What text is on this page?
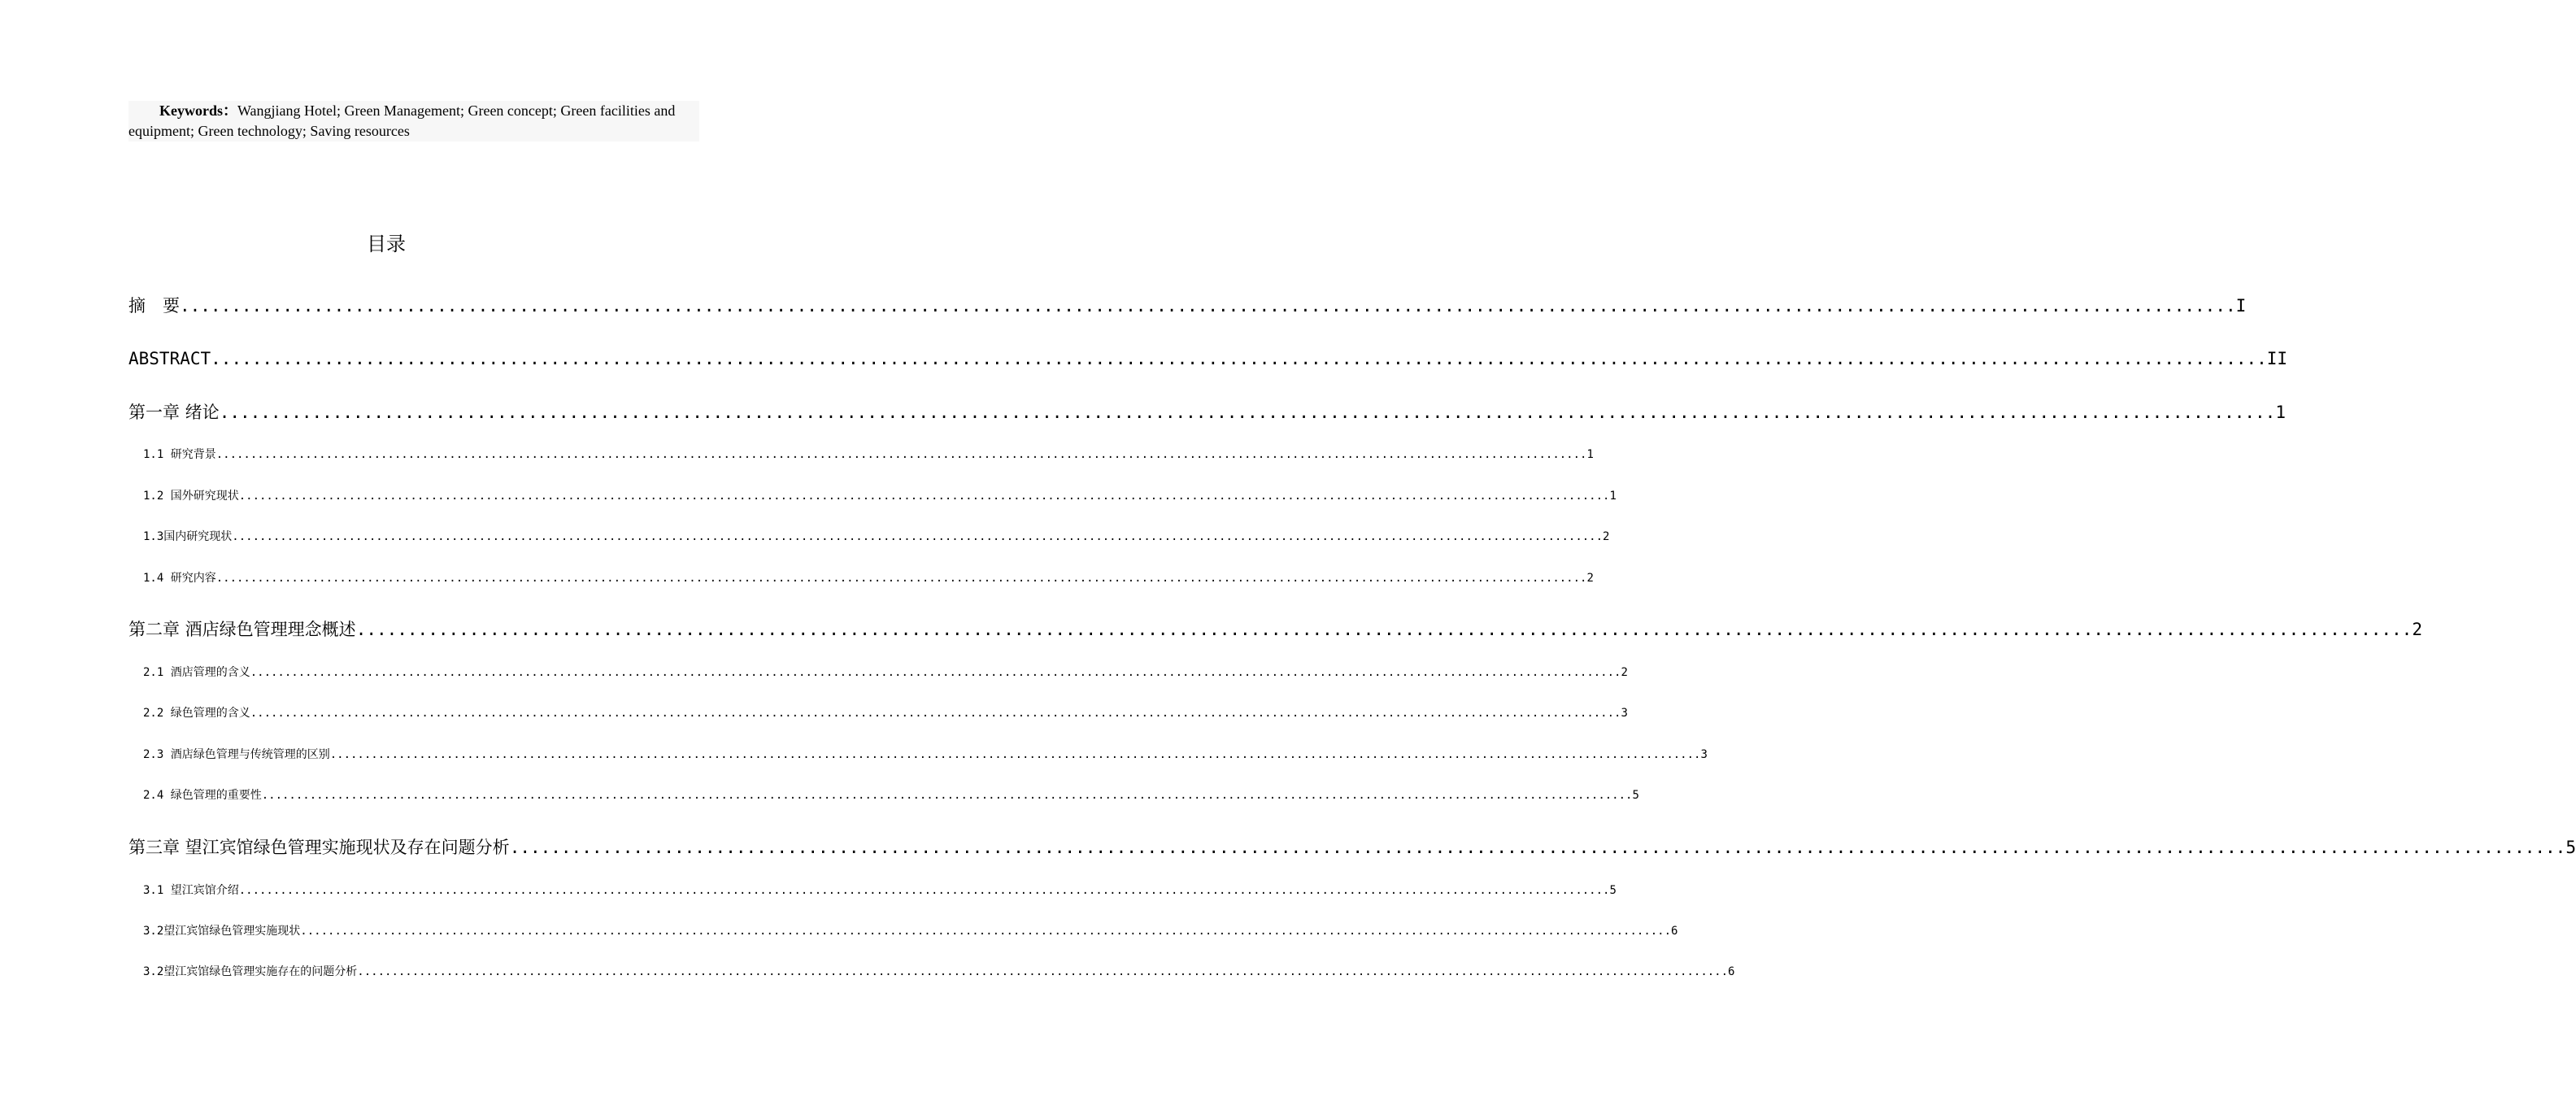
Keywords：Wangjiang Hotel; Green Management; Green concept; Green facilities and equipment; Green technology; Saving resources
目录
摘　要 ........................................................................................................................................................................................................ I
ABSTRACT ........................................................................................................................................................................................................ II
第一章 绪论 ........................................................................................................................................................................................................ 1
1.1 研究背景 ........................................................................................................................................................................................................ 1
1.2 国外研究现状 ........................................................................................................................................................................................................ 1
1.3国内研究现状 ........................................................................................................................................................................................................ 2
1.4 研究内容 ........................................................................................................................................................................................................ 2
第二章 酒店绿色管理理念概述 ........................................................................................................................................................................................................ 2
2.1 酒店管理的含义 ........................................................................................................................................................................................................ 2
2.2 绿色管理的含义 ........................................................................................................................................................................................................ 3
2.3 酒店绿色管理与传统管理的区别 ........................................................................................................................................................................................................ 3
2.4 绿色管理的重要性 ........................................................................................................................................................................................................ 5
第三章 望江宾馆绿色管理实施现状及存在问题分析 ........................................................................................................................................................................................................ 5
3.1 望江宾馆介绍 ........................................................................................................................................................................................................ 5
3.2望江宾馆绿色管理实施现状 ........................................................................................................................................................................................................ 6
3.2望江宾馆绿色管理实施存在的问题分析 ........................................................................................................................................................................................................ 6
